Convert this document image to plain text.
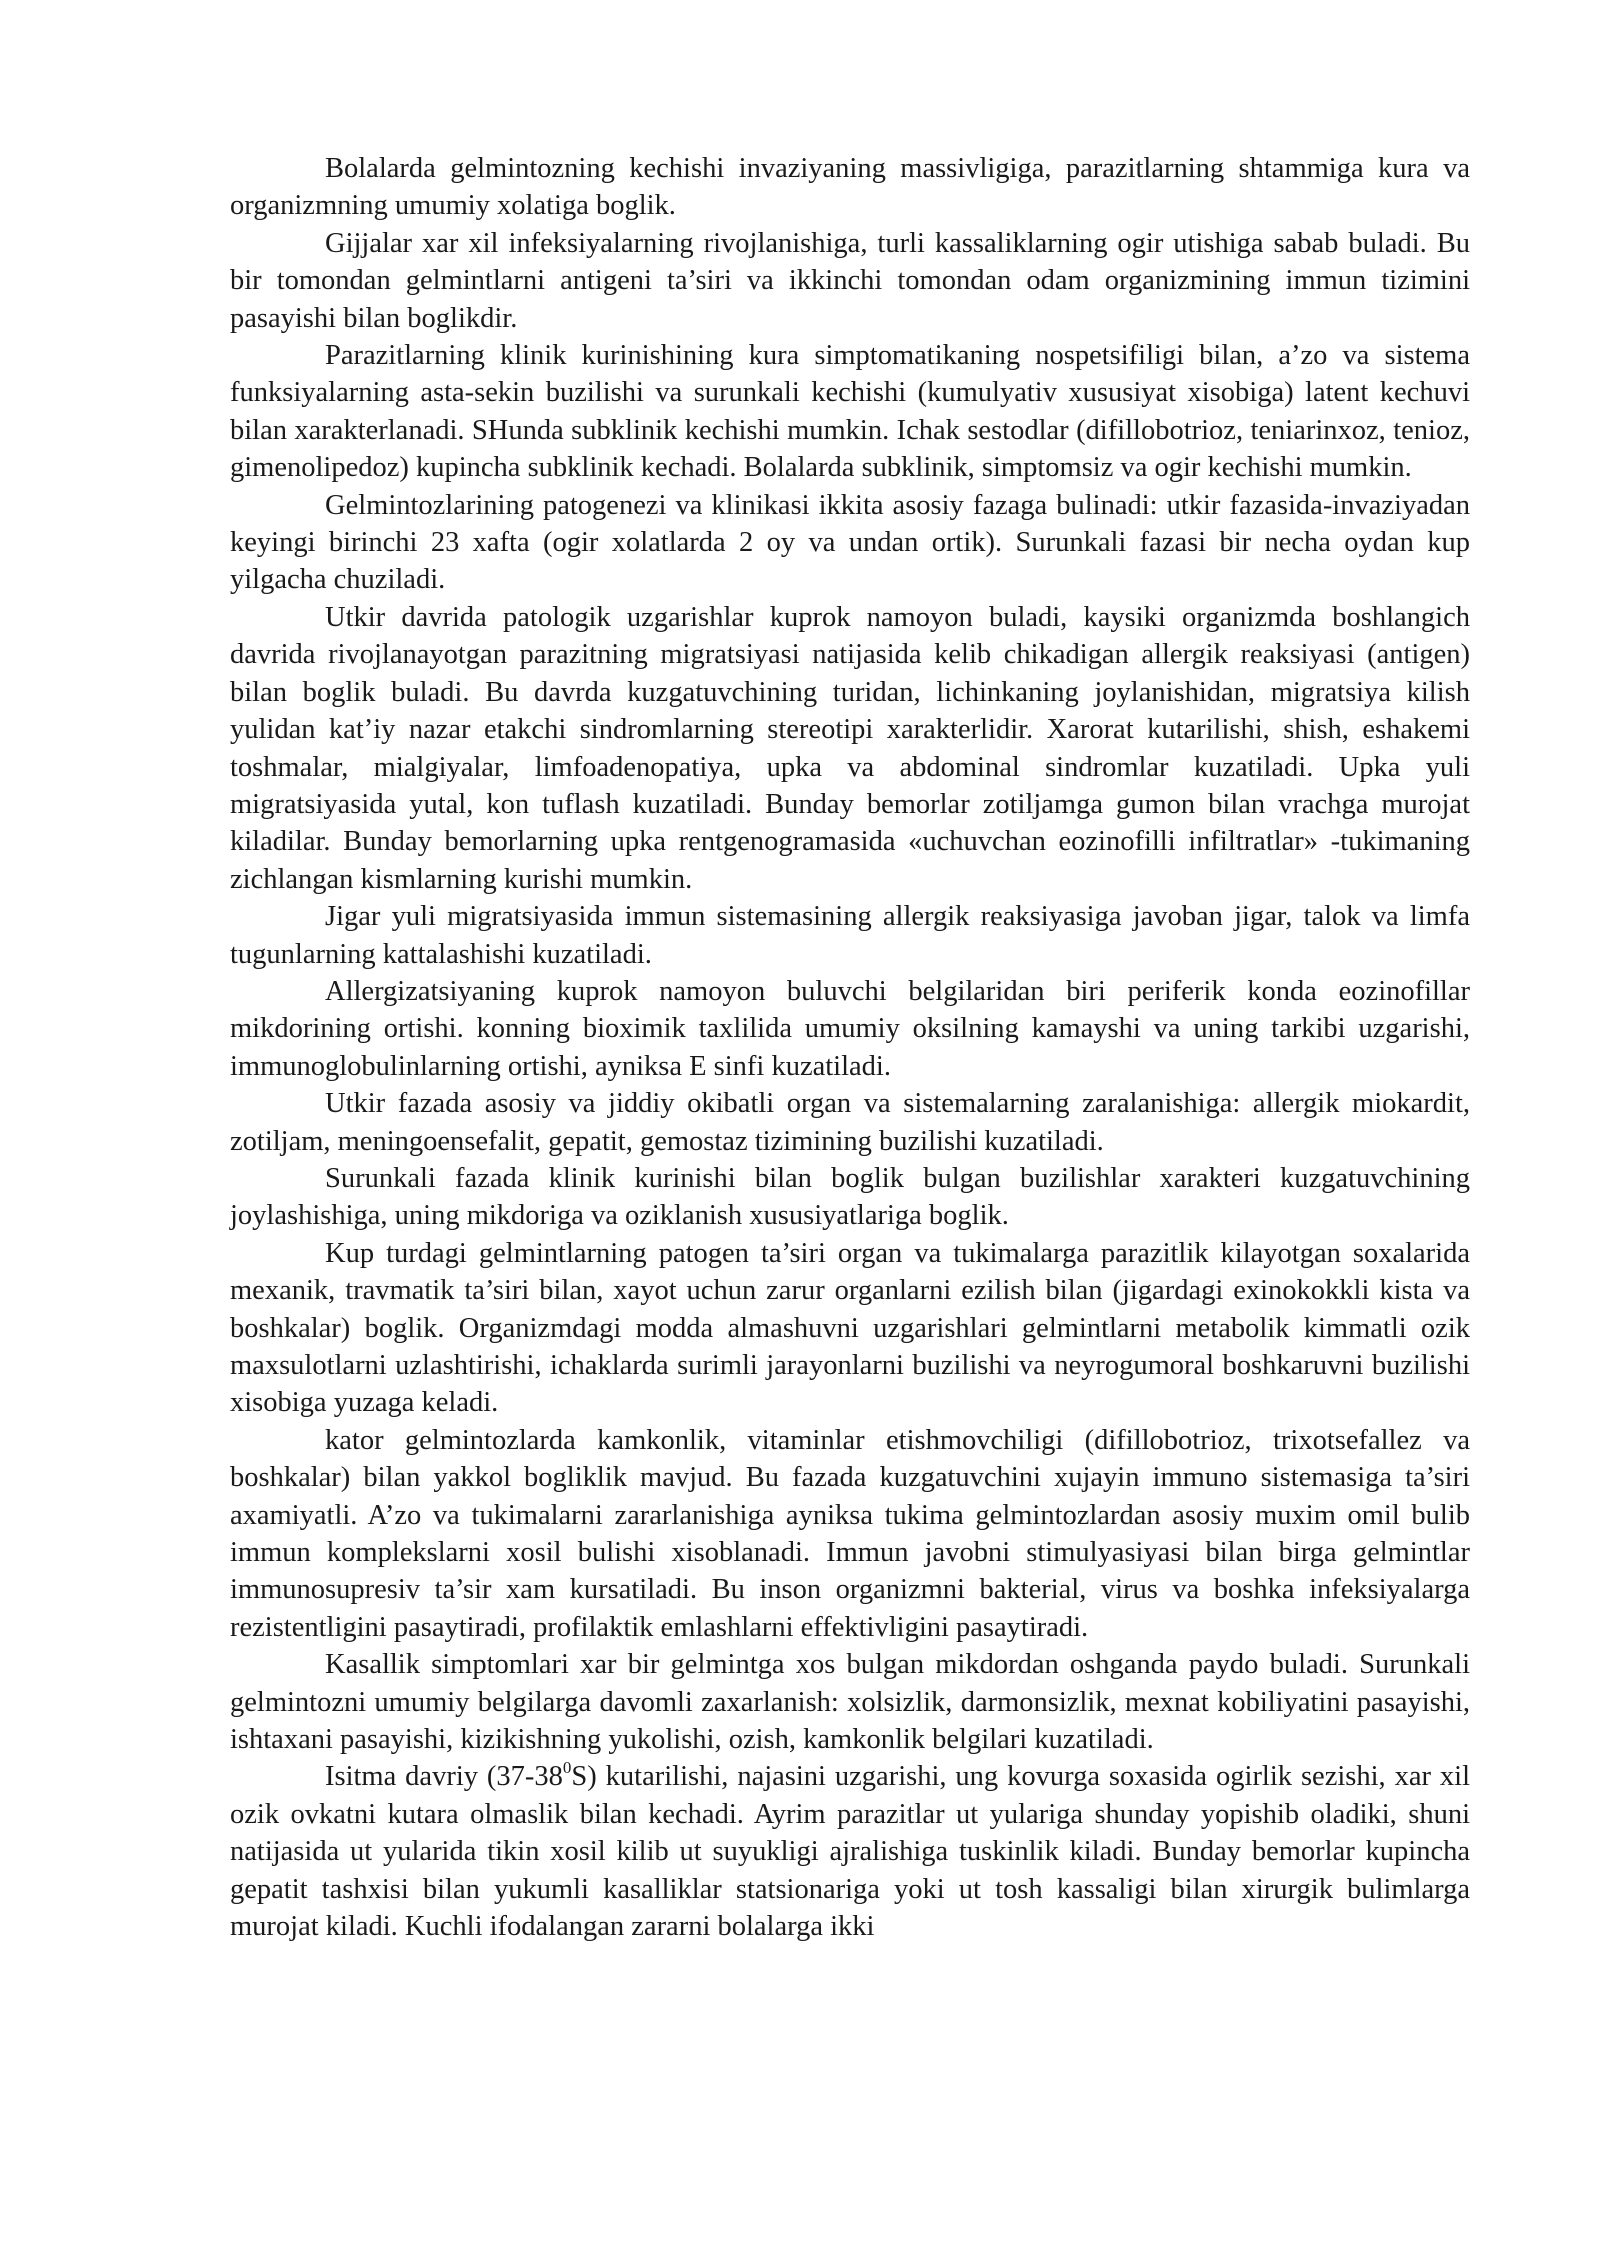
Bolalarda gelmintozning kechishi invaziyaning massivligiga, parazitlarning shtammiga kura va organizmning umumiy xolatiga boglik.

Gijjalar xar xil infeksiyalarning rivojlanishiga, turli kassaliklarning ogir utishiga sabab buladi. Bu bir tomondan gelmintlarni antigeni ta’siri va ikkinchi tomondan odam organizmining immun tizimini pasayishi bilan boglikdir.

Parazitlarning klinik kurinishining kura simptomatikaning nospetsifiligi bilan, a’zo va sistema funksiyalarning asta-sekin buzilishi va surunkali kechishi (kumulyativ xususiyat xisobiga) latent kechuvi bilan xarakterlanadi. SHunda subklinik kechishi mumkin. Ichak sestodlar (difillobotrioz, teniarinxoz, tenioz, gimenolipedoz) kupincha subklinik kechadi. Bolalarda subklinik, simptomsiz va ogir kechishi mumkin.

Gelmintozlarining patogenezi va klinikasi ikkita asosiy fazaga bulinadi: utkir fazasida-invaziyadan keyingi birinchi 23 xafta (ogir xolatlarda 2 oy va undan ortik). Surunkali fazasi bir necha oydan kup yilgacha chuziladi.

Utkir davrida patologik uzgarishlar kuprok namoyon buladi, kaysiki organizmda boshlangich davrida rivojlanayotgan parazitning migratsiyasi natijasida kelib chikadigan allergik reaksiyasi (antigen) bilan boglik buladi. Bu davrda kuzgatuvchining turidan, lichinkaning joylanishidan, migratsiya kilish yulidan kat’iy nazar etakchi sindromlarning stereotipi xarakterlidir. Xarorat kutarilishi, shish, eshakemi toshmalar, mialgiyalar, limfoadenopatiya, upka va abdominal sindromlar kuzatiladi. Upka yuli migratsiyasida yutal, kon tuflash kuzatiladi. Bunday bemorlar zotiljamga gumon bilan vrachga murojat kiladilar. Bunday bemorlarning upka rentgenogramasida «uchuvchan eozinofilli infiltratlar» -tukimaning zichlangan kismlarning kurishi mumkin.

Jigar yuli migratsiyasida immun sistemasining allergik reaksiyasiga javoban jigar, talok va limfa tugunlarning kattalashishi kuzatiladi.

Allergizatsiyaning kuprok namoyon buluvchi belgilaridan biri periferik konda eozinofillar mikdorining ortishi. konning bioximik taxlilida umumiy oksilning kamayshi va uning tarkibi uzgarishi, immunoglobulinlarning ortishi, ayniksa E sinfi kuzatiladi.

Utkir fazada asosiy va jiddiy okibatli organ va sistemalarning zaralanishiga: allergik miokardit, zotiljam, meningoensefalit, gepatit, gemostaz tizimining buzilishi kuzatiladi.

Surunkali fazada klinik kurinishi bilan boglik bulgan buzilishlar xarakteri kuzgatuvchining joylashishiga, uning mikdoriga va oziklanish xususiyatlariga boglik.

Kup turdagi gelmintlarning patogen ta’siri organ va tukimalarga parazitlik kilayotgan soxalarida mexanik, travmatik ta’siri bilan, xayot uchun zarur organlarni ezilish bilan (jigardagi exinokokkli kista va boshkalar) boglik. Organizmdagi modda almashuvni uzgarishlari gelmintlarni metabolik kimmatli ozik maxsulotlarni uzlashtirishi, ichaklarda surimli jarayonlarni buzilishi va neyrogumoral boshkaruvni buzilishi xisobiga yuzaga keladi.

kator gelmintozlarda kamkonlik, vitaminlar etishmovchiligi (difillobotrioz, trixotsefallez va boshkalar) bilan yakkol bogliklik mavjud. Bu fazada kuzgatuvchini xujayin immuno sistemasiga ta’siri axamiyatli. A’zo va tukimalarni zararlanishiga ayniksa tukima gelmintozlardan asosiy muxim omil bulib immun komplekslarni xosil bulishi xisoblanadi. Immun javobni stimulyasiyasi bilan birga gelmintlar immunosupresiv ta’sir xam kursatiladi. Bu inson organizmni bakterial, virus va boshka infeksiyalarga rezistentligini pasaytiradi, profilaktik emlashlarni effektivligini pasaytiradi.

Kasallik simptomlari xar bir gelmintga xos bulgan mikdordan oshganda paydo buladi. Surunkali gelmintozni umumiy belgilarga davomli zaxarlanish: xolsizlik, darmonsizlik, mexnat kobiliyatini pasayishi, ishtaxani pasayishi, kizikishning yukolishi, ozish, kamkonlik belgilari kuzatiladi.

Isitma davriy $(37-38^0S)$ kutarilishi, najasini uzgarishi, ung kovurga soxasida ogirlik sezishi, xar xil ozik ovkatni kutara olmaslik bilan kechadi. Ayrim parazitlar ut yulariga shunday yopishib oladiki, shuni natijasida ut yularida tikin xosil kilib ut suyukligi ajralishiga tuskinlik kiladi. Bunday bemorlar kupincha gepatit tashxisi bilan yukumli kasalliklar statsionariga yoki ut tosh kassaligi bilan xirurgik bulimlarga murojat kiladi. Kuchli ifodalangan zararni bolalarga ikki
